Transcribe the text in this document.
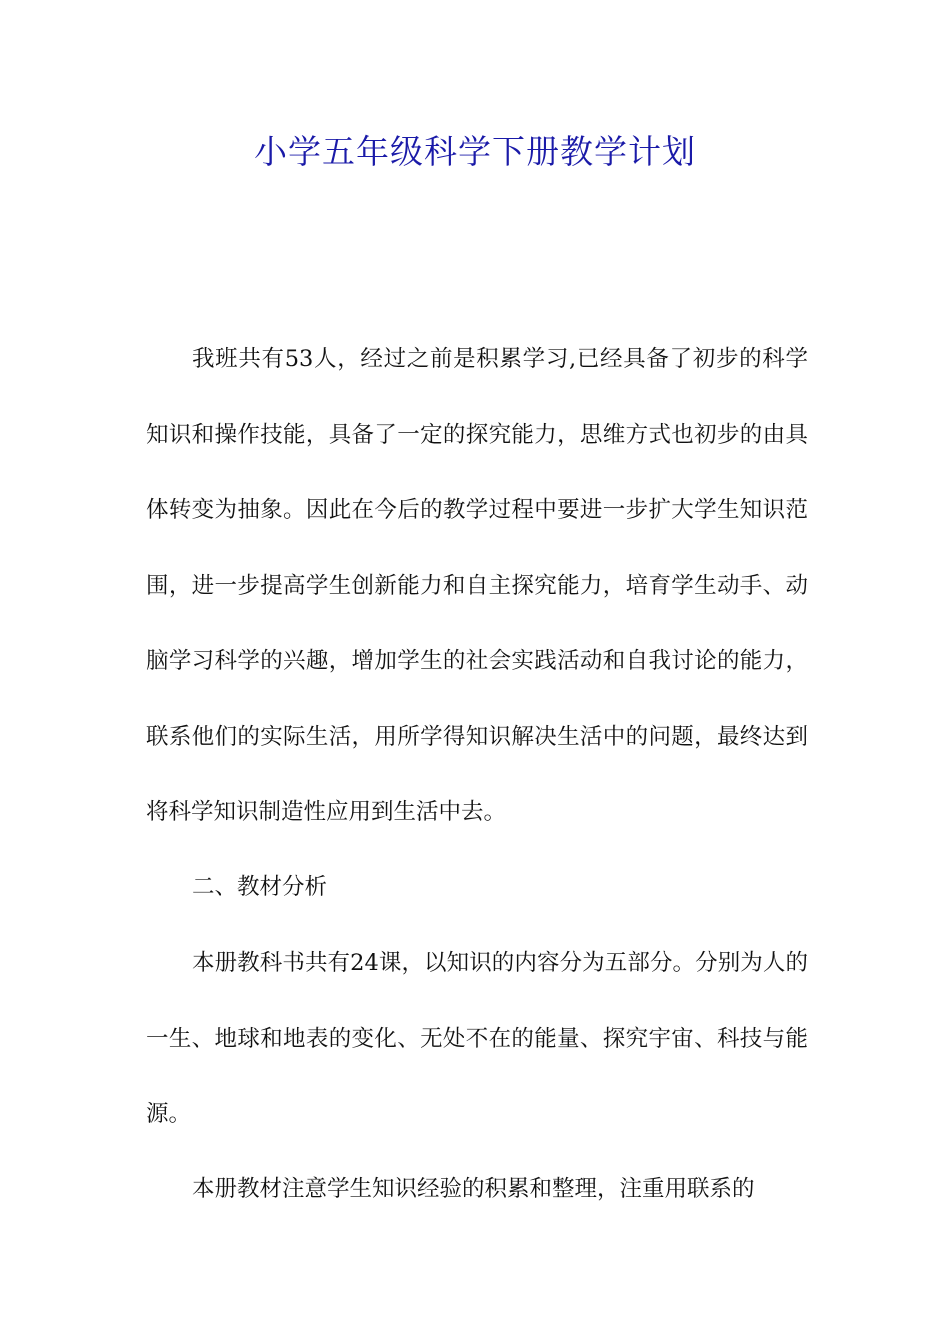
小学五年级科学下册教学计划

我班共有53人，经过之前是积累学习,已经具备了初步的科学知识和操作技能，具备了一定的探究能力，思维方式也初步的由具体转变为抽象。因此在今后的教学过程中要进一步扩大学生知识范围，进一步提高学生创新能力和自主探究能力，培育学生动手、动脑学习科学的兴趣，增加学生的社会实践活动和自我讨论的能力，联系他们的实际生活，用所学得知识解决生活中的问题，最终达到将科学知识制造性应用到生活中去。

二、教材分析

本册教科书共有24课，以知识的内容分为五部分。分别为人的一生、地球和地表的变化、无处不在的能量、探究宇宙、科技与能源。

本册教材注意学生知识经验的积累和整理，注重用联系的
